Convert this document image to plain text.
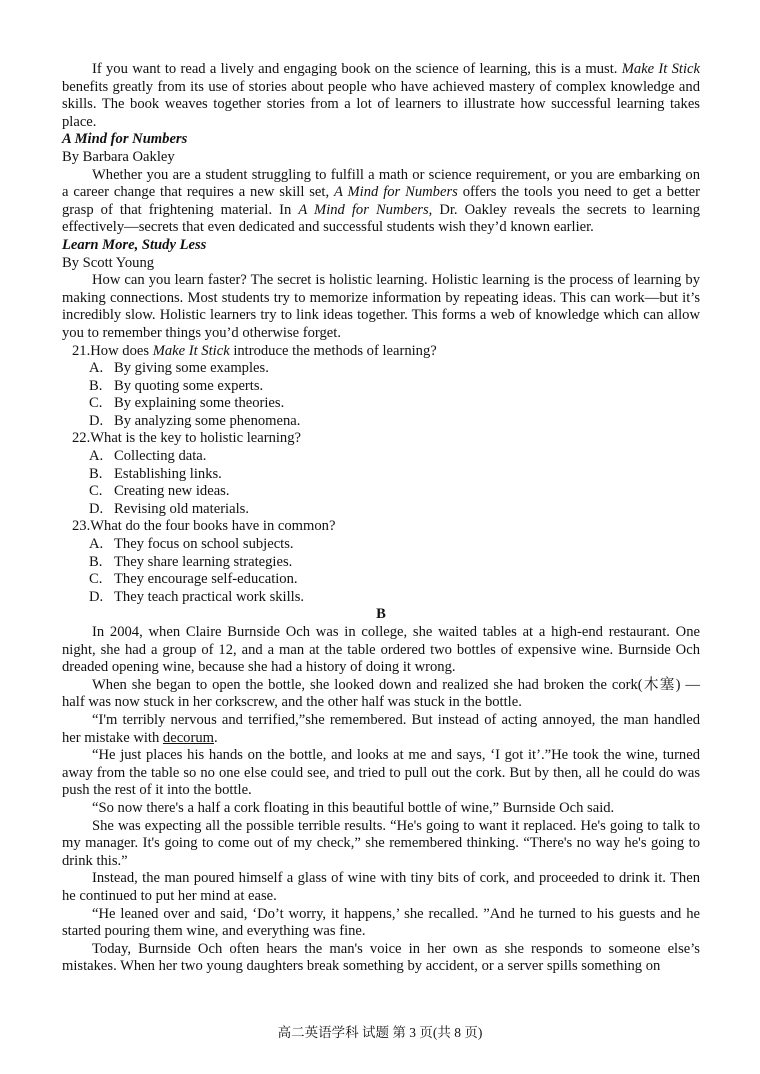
If you want to read a lively and engaging book on the science of learning, this is a must. Make It Stick benefits greatly from its use of stories about people who have achieved mastery of complex knowledge and skills. The book weaves together stories from a lot of learners to illustrate how successful learning takes place.

A Mind for Numbers

By Barbara Oakley

Whether you are a student struggling to fulfill a math or science requirement, or you are embarking on a career change that requires a new skill set, A Mind for Numbers offers the tools you need to get a better grasp of that frightening material. In A Mind for Numbers, Dr. Oakley reveals the secrets to learning effectively—secrets that even dedicated and successful students wish they’d known earlier.

Learn More, Study Less

By Scott Young

How can you learn faster? The secret is holistic learning. Holistic learning is the process of learning by making connections. Most students try to memorize information by repeating ideas. This can work—but it’s incredibly slow. Holistic learners try to link ideas together. This forms a web of knowledge which can allow you to remember things you’d otherwise forget.

21.How does Make It Stick introduce the methods of learning?

A. By giving some examples.

B. By quoting some experts.

C. By explaining some theories.

D. By analyzing some phenomena.

22.What is the key to holistic learning?

A. Collecting data.

B. Establishing links.

C. Creating new ideas.

D. Revising old materials.

23.What do the four books have in common?

A. They focus on school subjects.

B. They share learning strategies.

C. They encourage self-education.

D. They teach practical work skills.

B

In 2004, when Claire Burnside Och was in college, she waited tables at a high-end restaurant. One night, she had a group of 12, and a man at the table ordered two bottles of expensive wine. Burnside Och dreaded opening wine, because she had a history of doing it wrong.

When she began to open the bottle, she looked down and realized she had broken the cork(木塞) — half was now stuck in her corkscrew, and the other half was stuck in the bottle.

“I'm terribly nervous and terrified,”she remembered. But instead of acting annoyed, the man handled her mistake with decorum.

“He just places his hands on the bottle, and looks at me and says, ‘I got it’.”He took the wine, turned away from the table so no one else could see, and tried to pull out the cork. But by then, all he could do was push the rest of it into the bottle.

“So now there's a half a cork floating in this beautiful bottle of wine,” Burnside Och said.

She was expecting all the possible terrible results. “He's going to want it replaced. He's going to talk to my manager. It's going to come out of my check,” she remembered thinking. “There's no way he's going to drink this.”

Instead, the man poured himself a glass of wine with tiny bits of cork, and proceeded to drink it. Then he continued to put her mind at ease.

“He leaned over and said, ‘Do’t worry, it happens,’ she recalled. ”And he turned to his guests and he started pouring them wine, and everything was fine.

Today, Burnside Och often hears the man's voice in her own as she responds to someone else’s mistakes. When her two young daughters break something by accident, or a server spills something on

高二英语学科 试题 第 3 页(共 8 页)
